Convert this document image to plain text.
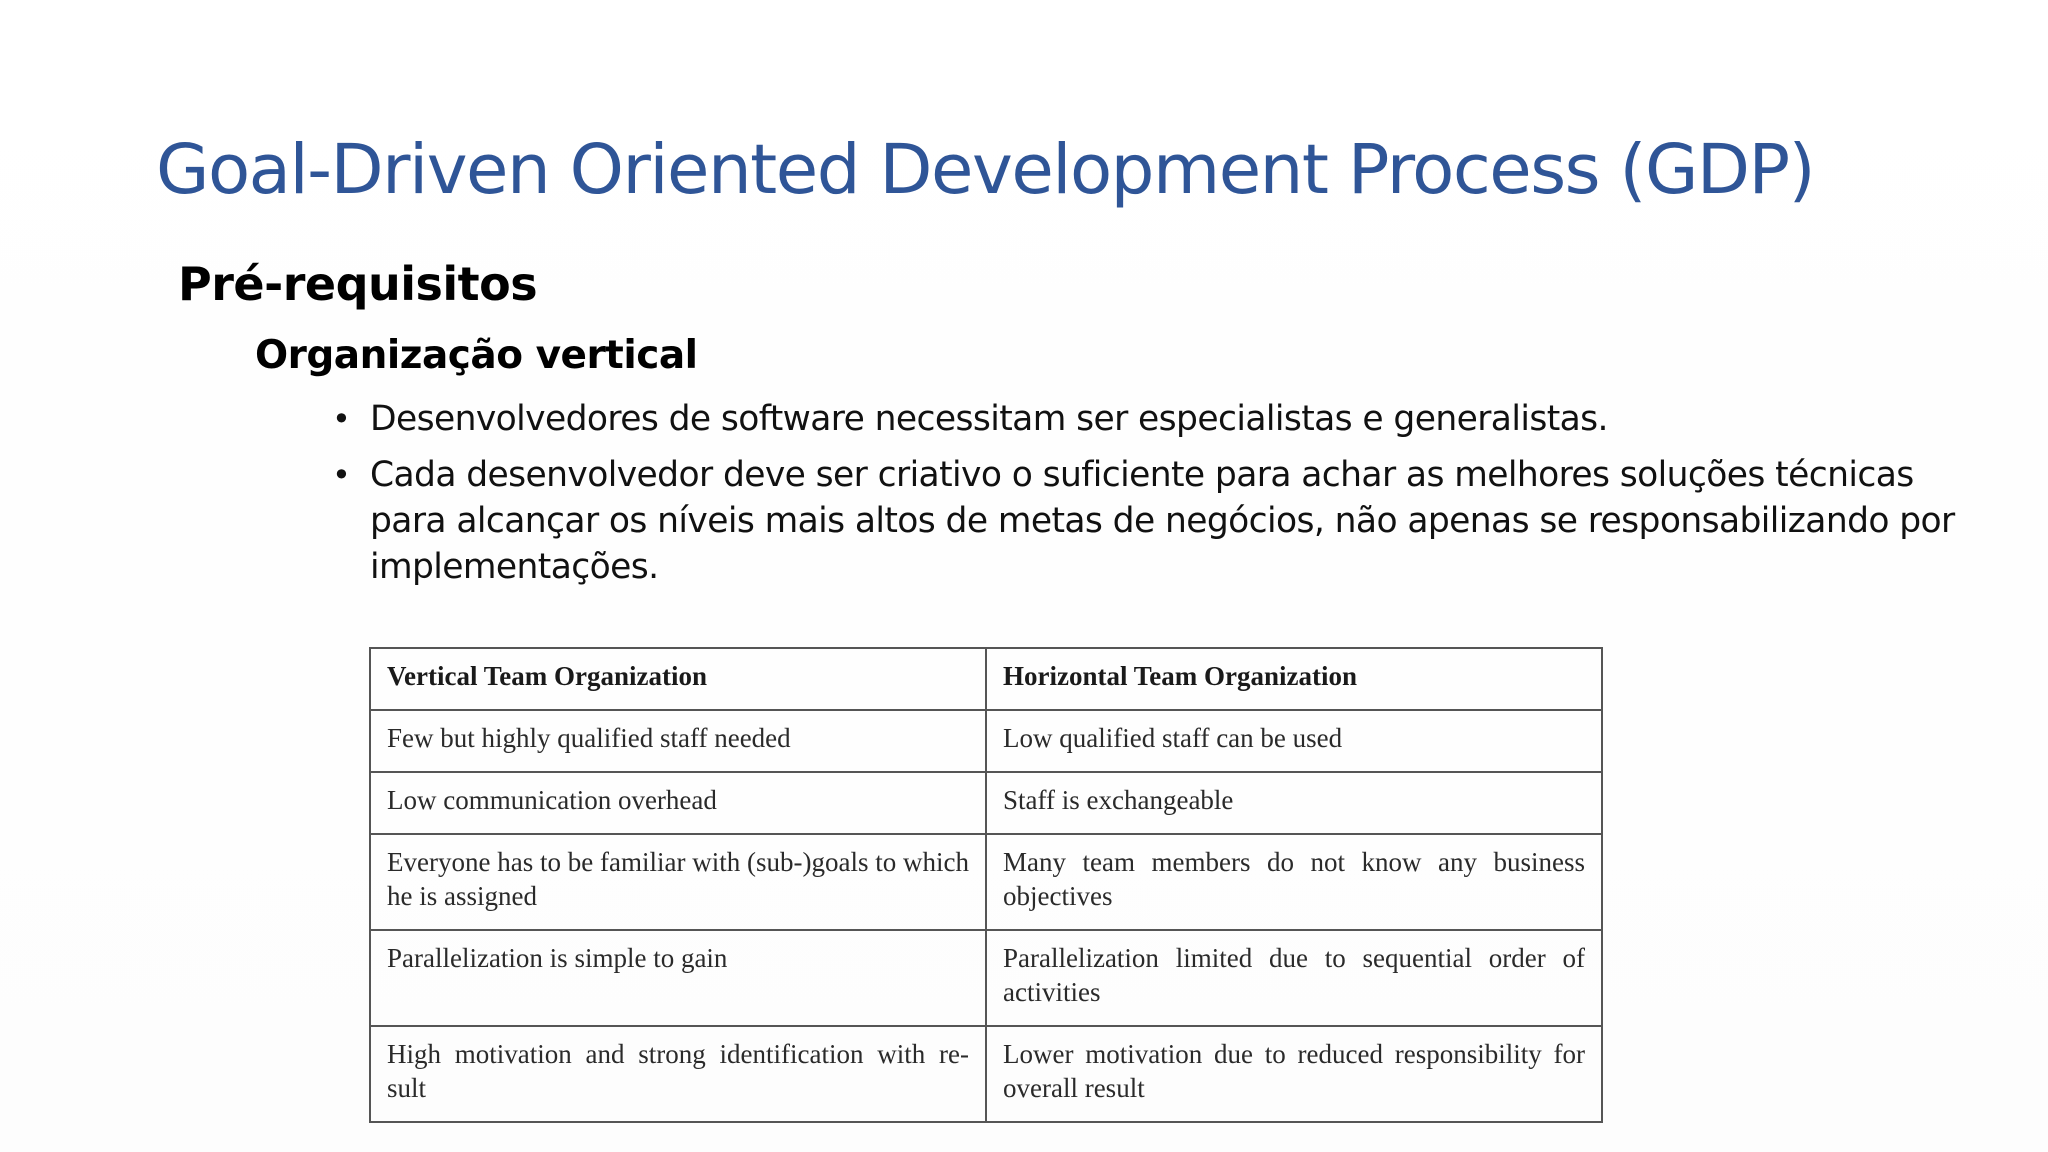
Goal-Driven Oriented Development Process (GDP)
Pré-requisitos
Organização vertical
• Desenvolvedores de software necessitam ser especialistas e generalistas.
• Cada desenvolvedor deve ser criativo o suficiente para achar as melhores soluções técnicas para alcançar os níveis mais altos de metas de negócios, não apenas se responsabilizando por implementações.
Vertical Team Organization	Horizontal Team Organization
Few but highly qualified staff needed	Low qualified staff can be used
Low communication overhead	Staff is exchangeable
Everyone has to be familiar with (sub-)goals to which he is assigned	Many team members do not know any business objectives
Parallelization is simple to gain	Parallelization limited due to sequential order of activities
High motivation and strong identification with re- sult	Lower motivation due to reduced responsibility for overall result
